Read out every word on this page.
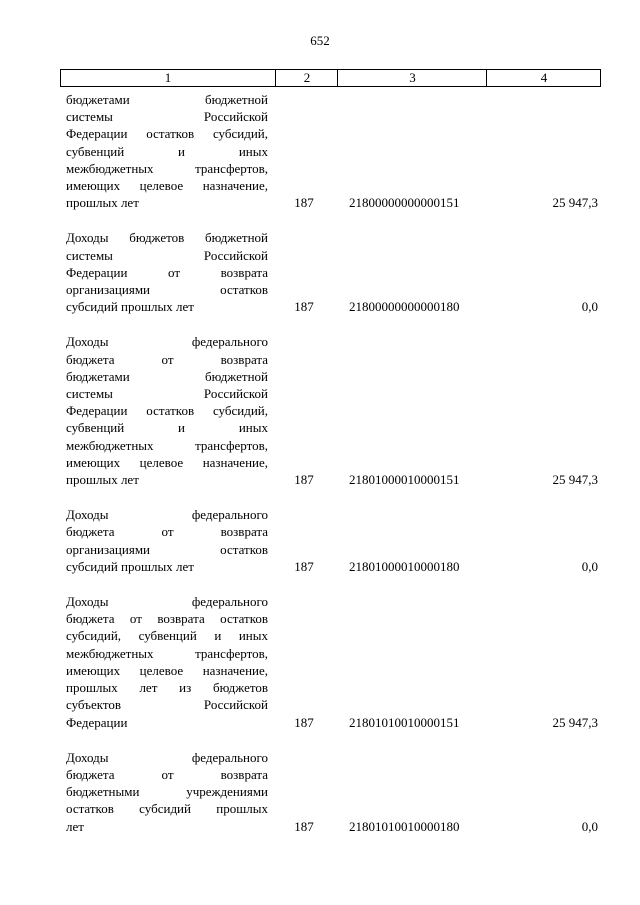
652
1	2	3	4
бюджетами бюджетной
системы Российской
Федерации остатков субсидий,
субвенций и иных
межбюджетных трансфертов,
имеющих целевое назначение,
прошлых лет	187	21800000000000151	25 947,3
Доходы бюджетов бюджетной
системы Российской
Федерации от возврата
организациями остатков
субсидий прошлых лет	187	21800000000000180	0,0
Доходы федерального
бюджета от возврата
бюджетами бюджетной
системы Российской
Федерации остатков субсидий,
субвенций и иных
межбюджетных трансфертов,
имеющих целевое назначение,
прошлых лет	187	21801000010000151	25 947,3
Доходы федерального
бюджета от возврата
организациями остатков
субсидий прошлых лет	187	21801000010000180	0,0
Доходы федерального
бюджета от возврата остатков
субсидий, субвенций и иных
межбюджетных трансфертов,
имеющих целевое назначение,
прошлых лет из бюджетов
субъектов Российской
Федерации	187	21801010010000151	25 947,3
Доходы федерального
бюджета от возврата
бюджетными учреждениями
остатков субсидий прошлых
лет	187	21801010010000180	0,0
